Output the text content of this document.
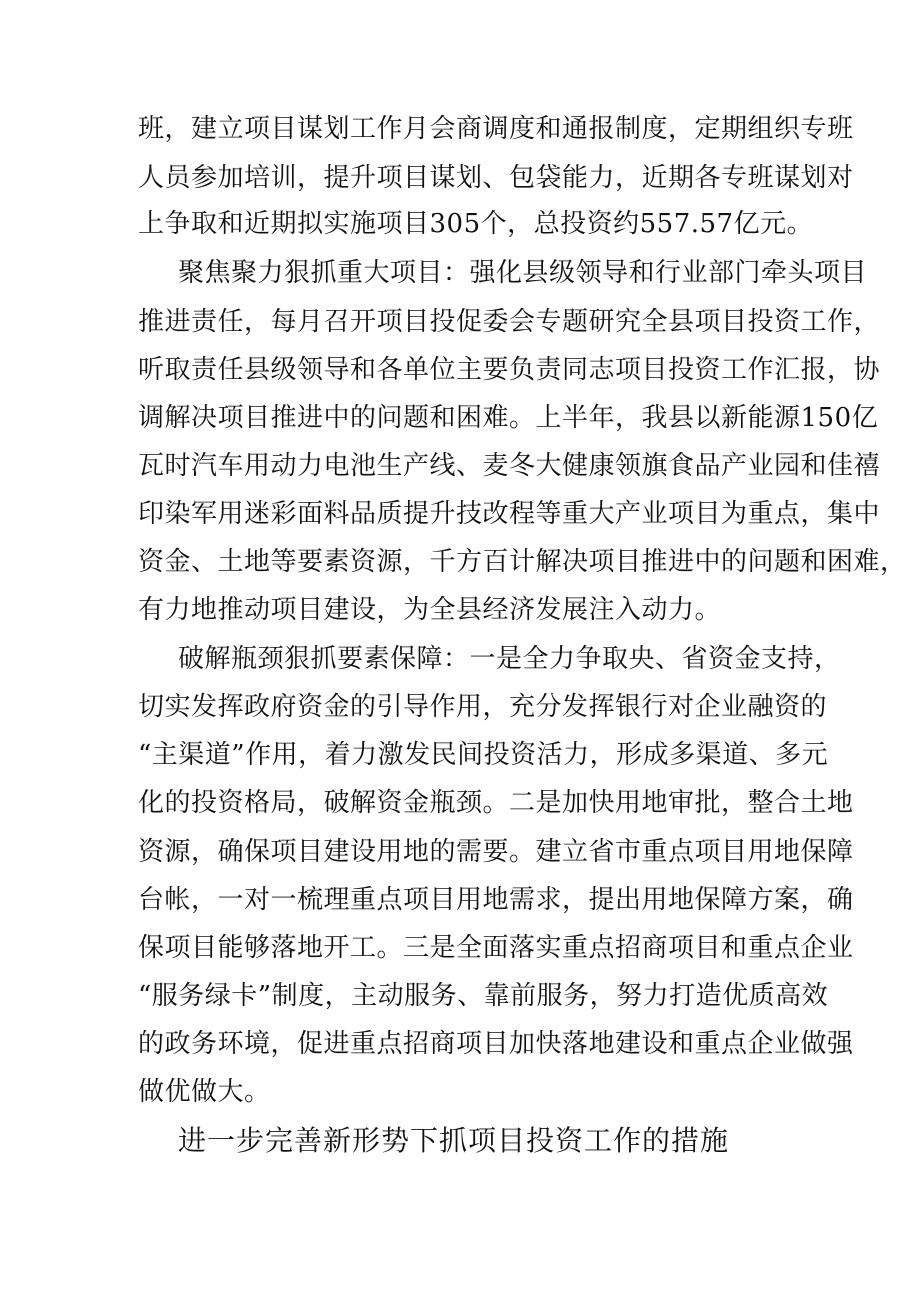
班，建立项目谋划工作月会商调度和通报制度，定期组织专班

人员参加培训，提升项目谋划、包袋能力，近期各专班谋划对

上争取和近期拟实施项目305个，总投资约557.57亿元。

聚焦聚力狠抓重大项目：强化县级领导和行业部门牵头项目

推进责任，每月召开项目投促委会专题研究全县项目投资工作，

听取责任县级领导和各单位主要负责同志项目投资工作汇报，协

调解决项目推进中的问题和困难。上半年，我县以新能源150亿

瓦时汽车用动力电池生产线、麦冬大健康领旗食品产业园和佳禧

印染军用迷彩面料品质提升技改程等重大产业项目为重点，集中

资金、土地等要素资源，千方百计解决项目推进中的问题和困难，

有力地推动项目建设，为全县经济发展注入动力。

破解瓶颈狠抓要素保障：一是全力争取央、省资金支持，

切实发挥政府资金的引导作用，充分发挥银行对企业融资的

“主渠道”作用，着力激发民间投资活力，形成多渠道、多元

化的投资格局，破解资金瓶颈。二是加快用地审批，整合土地

资源，确保项目建设用地的需要。建立省市重点项目用地保障

台帐，一对一梳理重点项目用地需求，提出用地保障方案，确

保项目能够落地开工。三是全面落实重点招商项目和重点企业

“服务绿卡”制度，主动服务、靠前服务，努力打造优质高效

的政务环境，促进重点招商项目加快落地建设和重点企业做强

做优做大。

进一步完善新形势下抓项目投资工作的措施
